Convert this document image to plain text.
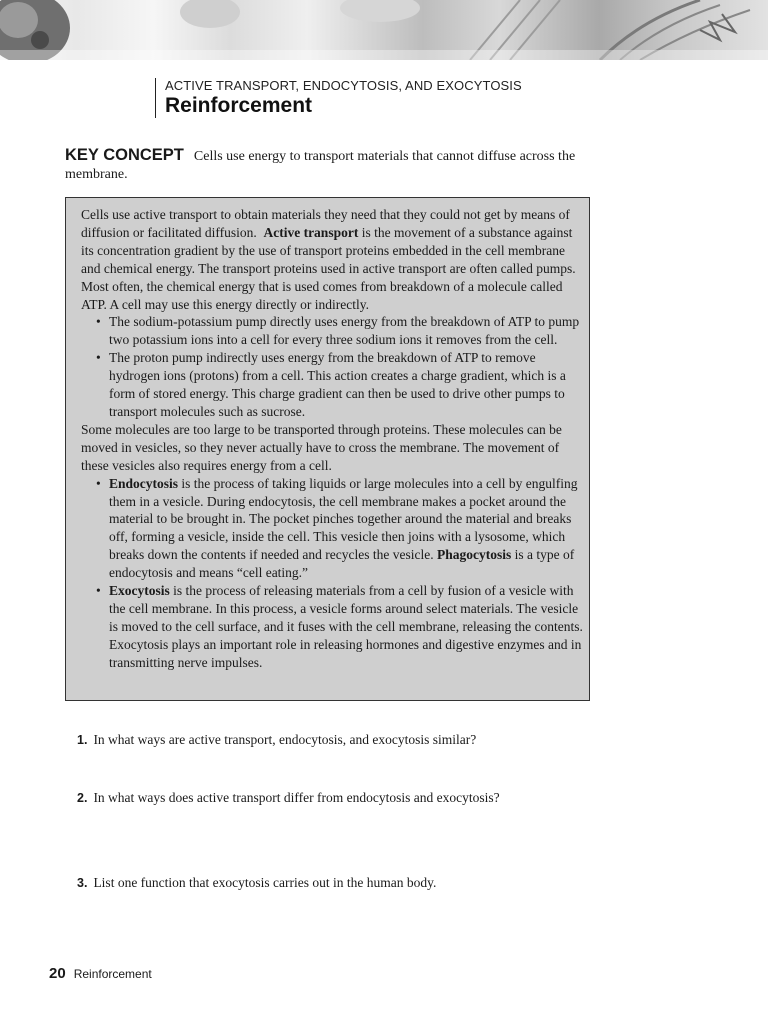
ACTIVE TRANSPORT, ENDOCYTOSIS, AND EXOCYTOSIS
Reinforcement
KEY CONCEPT Cells use energy to transport materials that cannot diffuse across the membrane.

Cells use active transport to obtain materials they need that they could not get by means of diffusion or facilitated diffusion. Active transport is the movement of a substance against its concentration gradient by the use of transport proteins embedded in the cell membrane and chemical energy. The transport proteins used in active transport are often called pumps. Most often, the chemical energy that is used comes from breakdown of a molecule called ATP. A cell may use this energy directly or indirectly.

• The sodium-potassium pump directly uses energy from the breakdown of ATP to pump two potassium ions into a cell for every three sodium ions it removes from the cell.
• The proton pump indirectly uses energy from the breakdown of ATP to remove hydrogen ions (protons) from a cell. This action creates a charge gradient, which is a form of stored energy. This charge gradient can then be used to drive other pumps to transport molecules such as sucrose.

Some molecules are too large to be transported through proteins. These molecules can be moved in vesicles, so they never actually have to cross the membrane. The movement of these vesicles also requires energy from a cell.

• Endocytosis is the process of taking liquids or large molecules into a cell by engulfing them in a vesicle. During endocytosis, the cell membrane makes a pocket around the material to be brought in. The pocket pinches together around the material and breaks off, forming a vesicle, inside the cell. This vesicle then joins with a lysosome, which breaks down the contents if needed and recycles the vesicle. Phagocytosis is a type of endocytosis and means “cell eating.”
• Exocytosis is the process of releasing materials from a cell by fusion of a vesicle with the cell membrane. In this process, a vesicle forms around select materials. The vesicle is moved to the cell surface, and it fuses with the cell membrane, releasing the contents. Exocytosis plays an important role in releasing hormones and digestive enzymes and in transmitting nerve impulses.
1. In what ways are active transport, endocytosis, and exocytosis similar?
2. In what ways does active transport differ from endocytosis and exocytosis?
3. List one function that exocytosis carries out in the human body.
20 Reinforcement
